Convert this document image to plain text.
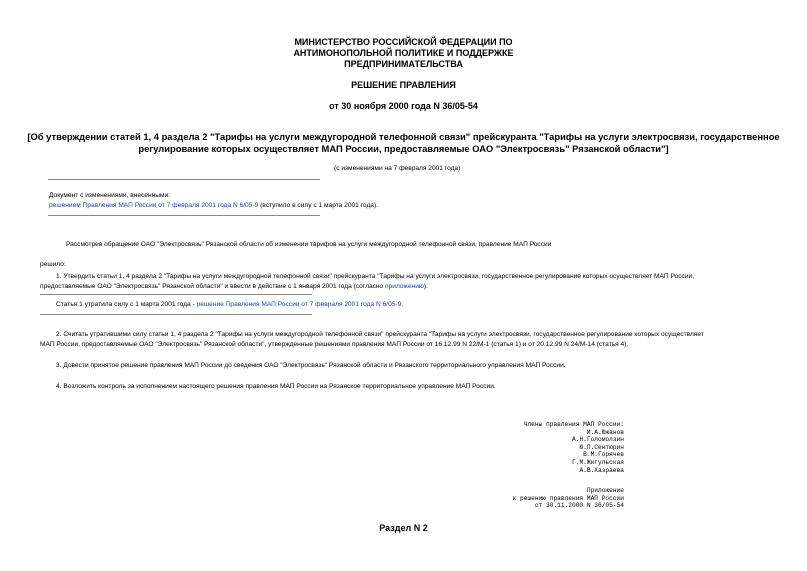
МИНИСТЕРСТВО РОССИЙСКОЙ ФЕДЕРАЦИИ ПО
АНТИМОНОПОЛЬНОЙ ПОЛИТИКЕ И ПОДДЕРЖКЕ
ПРЕДПРИНИМАТЕЛЬСТВА
РЕШЕНИЕ ПРАВЛЕНИЯ
от 30 ноября 2000 года N 36/05-54
[Об утверждении статей 1, 4 раздела 2 "Тарифы на услуги междугородной телефонной связи" прейскуранта "Тарифы на услуги электросвязи, государственное
регулирование которых осуществляет МАП России, предоставляемые ОАО "Электросвязь" Рязанской области"]
(с изменениями на 7 февраля 2001 года)
Документ с изменениями, внесенными:
решением Правления МАП России от 7 февраля 2001 года N 6/05-9 (вступило в силу с 1 марта 2001 года).
Рассмотрев обращение ОАО "Электросвязь" Рязанской области об изменении тарифов на услуги междугородной телефонной связи, правление МАП России
решило:
1. Утвердить статьи 1, 4 раздела 2 "Тарифы на услуги междугородной телефонной связи" прейскуранта "Тарифы на услуги электросвязи, государственное регулирование которых осуществляет МАП России,
предоставляемые ОАО "Электросвязь" Рязанской области" и ввести в действие с 1 января 2001 года (согласно приложению).
Статья 1 утратила силу с 1 марта 2001 года - решение Правления МАП России от 7 февраля 2001 года N 6/05-9.
2. Считать утратившими силу статьи 1, 4 раздела 2 "Тарифы на услуги междугородной телефонной связи" прейскуранта "Тарифы на услуги электросвязи, государственное регулирование которых осуществляет
МАП России, предоставляемые ОАО "Электросвязь" Рязанской области", утвержденные решениями правления МАП России от 16.12.99 N 22/М-1 (статья 1) и от 20.12.99 N 24/М-14 (статья 4).
3. Довести принятое решение правления МАП России до сведения ОАО "Электросвязь" Рязанской области и Рязанского территориального управления МАП России.
4. Возложить контроль за исполнением настоящего решения правления МАП России на Рязанское территориальное управление МАП России.
Члены правления МАП России:
И.А.Южанов
А.Н.Голомолзин
Ю.П.Сентюрин
В.М.Горячев
Г.М.Жигульская
А.В.Хазраева
Приложение
к решению правления МАП России
от 30.11.2000 N 36/05-54
Раздел N 2
